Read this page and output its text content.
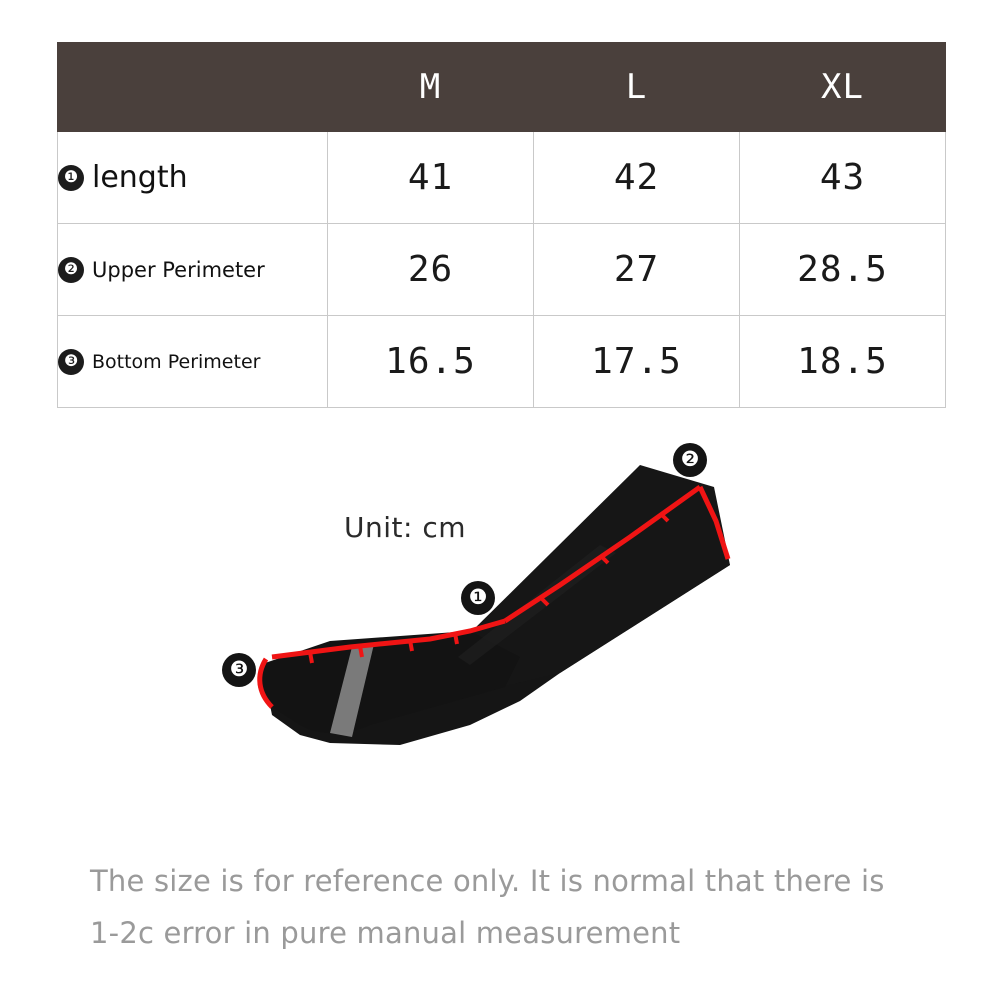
	M	L	XL

❶ length	41	42	43

❷ Upper Perimeter	26	27	28.5

❸ Bottom Perimeter	16.5	17.5	18.5
Unit: cm
❶
❷
❸
The size is for reference only. It is normal that there is
1-2c error in pure manual measurement
